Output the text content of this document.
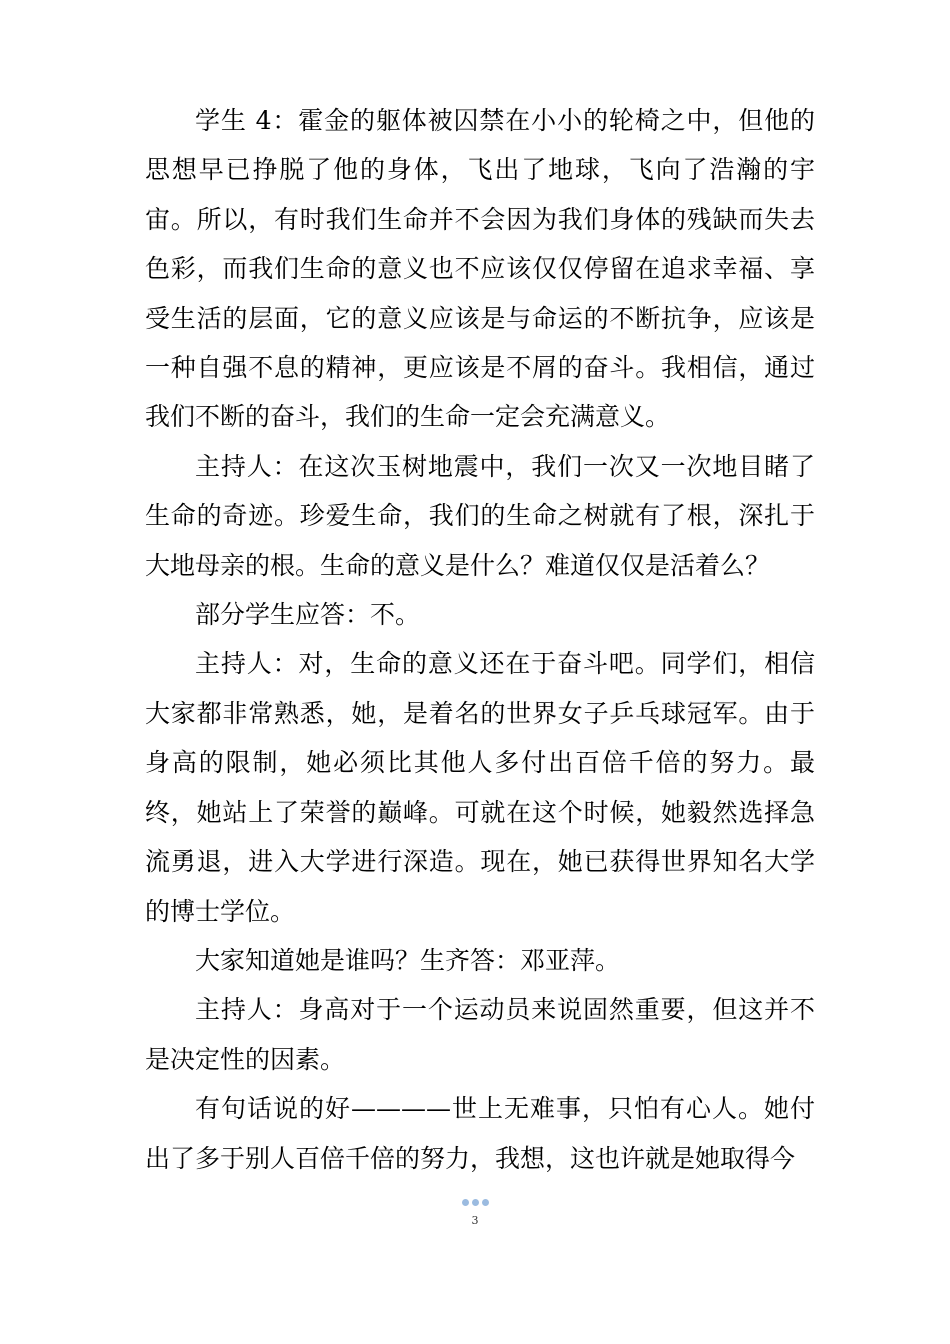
学生 4：霍金的躯体被囚禁在小小的轮椅之中，但他的思想早已挣脱了他的身体，飞出了地球，飞向了浩瀚的宇宙。所以，有时我们生命并不会因为我们身体的残缺而失去色彩，而我们生命的意义也不应该仅仅停留在追求幸福、享受生活的层面，它的意义应该是与命运的不断抗争，应该是一种自强不息的精神，更应该是不屑的奋斗。我相信，通过我们不断的奋斗，我们的生命一定会充满意义。

主持人：在这次玉树地震中，我们一次又一次地目睹了生命的奇迹。珍爱生命，我们的生命之树就有了根，深扎于大地母亲的根。生命的意义是什么？难道仅仅是活着么？

部分学生应答：不。

主持人：对，生命的意义还在于奋斗吧。同学们，相信大家都非常熟悉，她，是着名的世界女子乒乓球冠军。由于身高的限制，她必须比其他人多付出百倍千倍的努力。最终，她站上了荣誉的巅峰。可就在这个时候，她毅然选择急流勇退，进入大学进行深造。现在，她已获得世界知名大学的博士学位。

大家知道她是谁吗？生齐答：邓亚萍。

主持人：身高对于一个运动员来说固然重要，但这并不是决定性的因素。

有句话说的好————世上无难事，只怕有心人。她付出了多于别人百倍千倍的努力，我想，这也许就是她取得今

3
